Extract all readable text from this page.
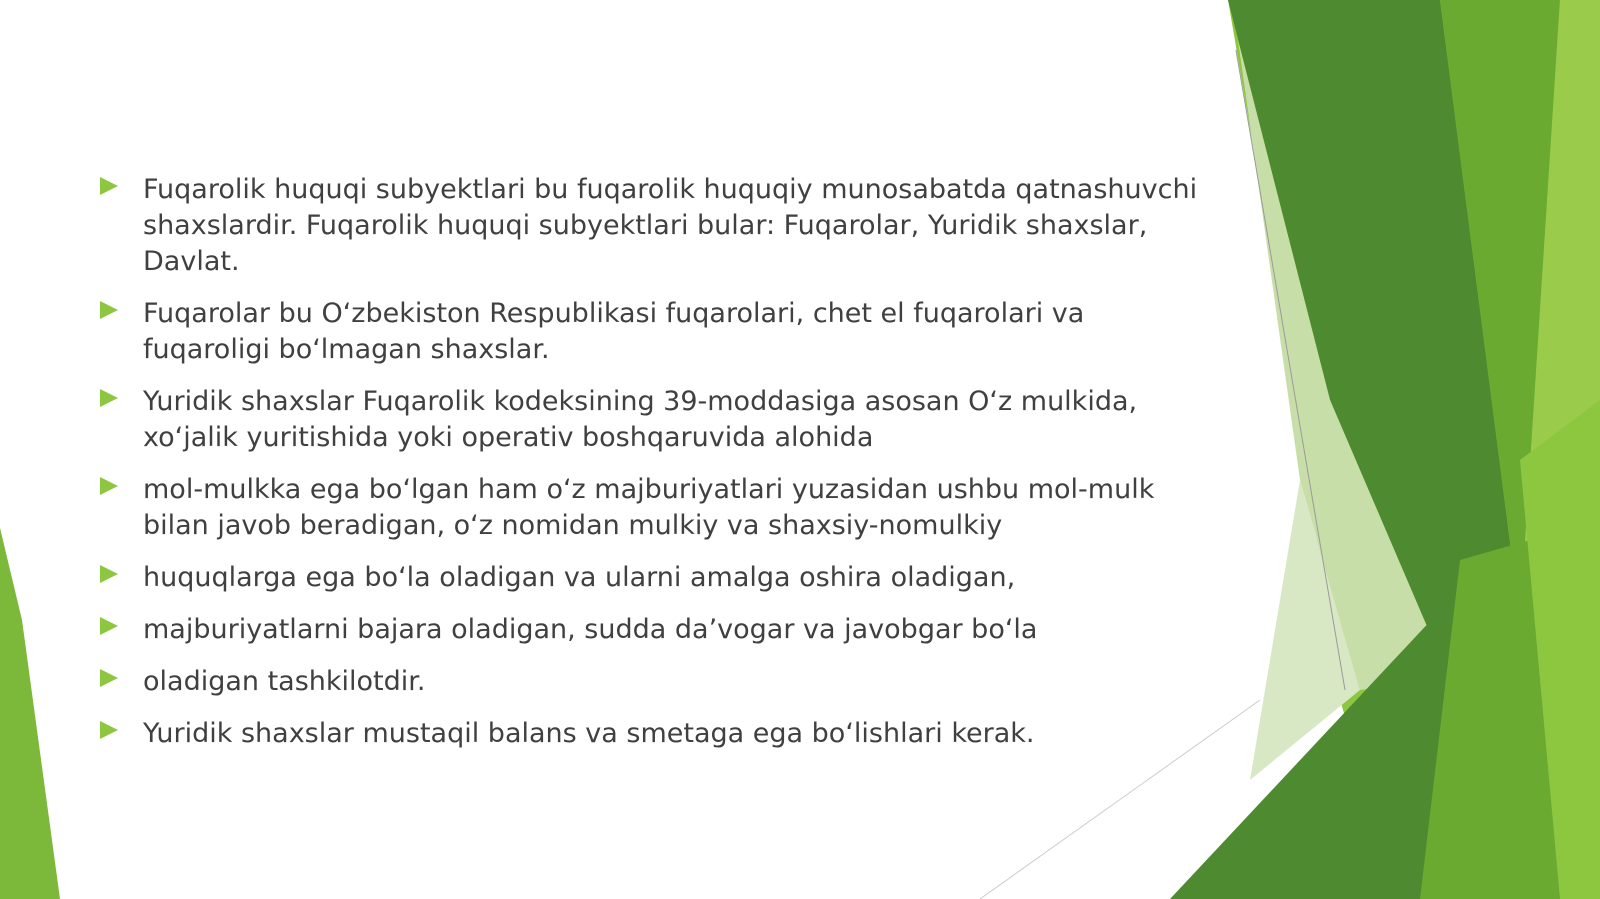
Fuqarolik huquqi subyektlari bu fuqarolik huquqiy munosabatda qatnashuvchi shaxslardir. Fuqarolik huquqi subyektlari bular: Fuqarolar, Yuridik shaxslar, Davlat.
Fuqarolar bu O‘zbekiston Respublikasi fuqarolari, chet el fuqarolari va fuqaroligi bo‘lmagan shaxslar.
Yuridik shaxslar Fuqarolik kodeksining 39-moddasiga asosan O‘z mulkida, xo‘jalik yuritishida yoki operativ boshqaruvida alohida
mol-mulkka ega bo‘lgan ham o‘z majburiyatlari yuzasidan ushbu mol-mulk bilan javob beradigan, o‘z nomidan mulkiy va shaxsiy-nomulkiy
huquqlarga ega bo‘la oladigan va ularni amalga oshira oladigan,
majburiyatlarni bajara oladigan, sudda da’vogar va javobgar bo‘la
oladigan tashkilotdir.
Yuridik shaxslar mustaqil balans va smetaga ega bo‘lishlari kerak.
